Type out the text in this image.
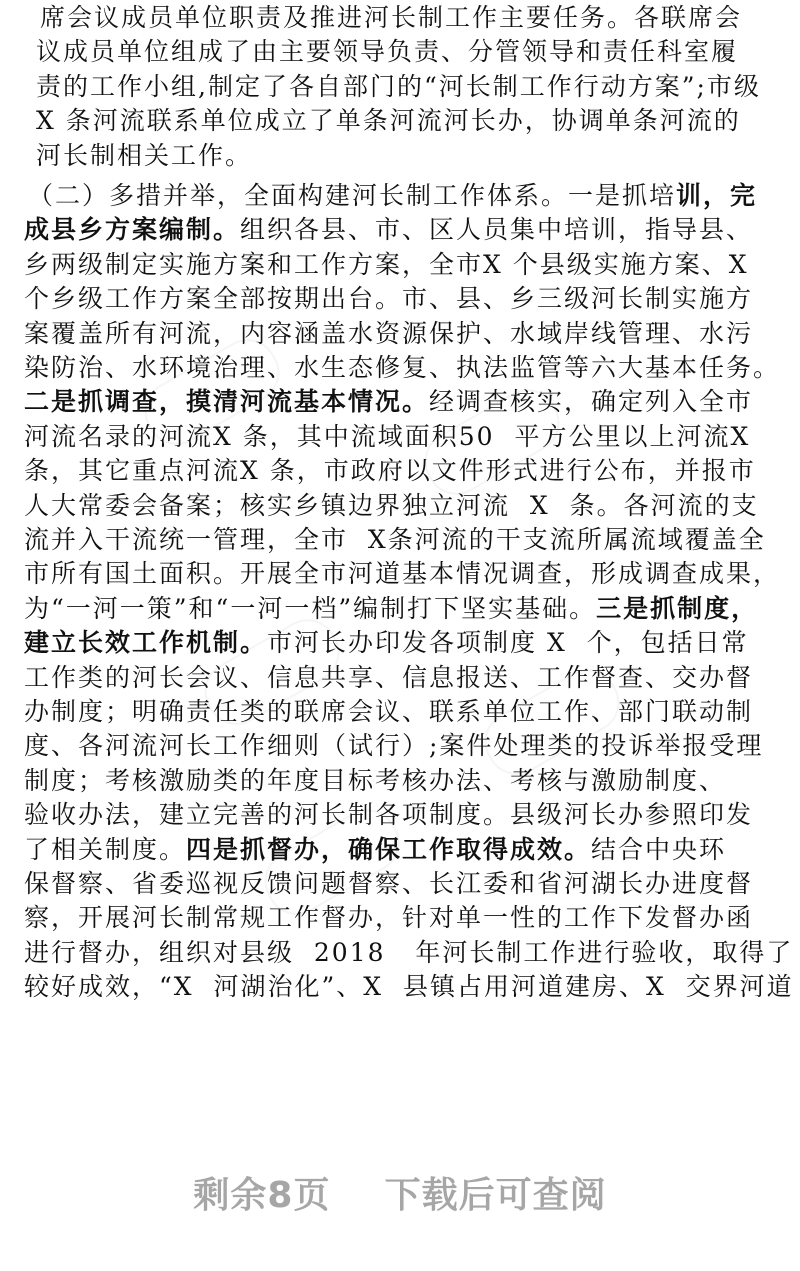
剩余8页 下载后可查阅
席会议成员单位职责及推进河长制工作主要任务。各联席会
议成员单位组成了由主要领导负责、分管领导和责任科室履
责的工作小组,制定了各自部门的“河长制工作行动方案”;市级
X 条河流联系单位成立了单条河流河长办，协调单条河流的
河长制相关工作。
（二）多措并举，全面构建河长制工作体系。一是抓培训，完
成县乡方案编制。组织各县、市、区人员集中培训，指导县、
乡两级制定实施方案和工作方案，全市X 个县级实施方案、X
个乡级工作方案全部按期出台。市、县、乡三级河长制实施方
案覆盖所有河流，内容涵盖水资源保护、水域岸线管理、水污
染防治、水环境治理、水生态修复、执法监管等六大基本任务。
二是抓调查，摸清河流基本情况。经调查核实，确定列入全市
河流名录的河流X 条，其中流域面积50  平方公里以上河流X
条，其它重点河流X 条，市政府以文件形式进行公布，并报市
人大常委会备案；核实乡镇边界独立河流  X  条。各河流的支
流并入干流统一管理，全市  X条河流的干支流所属流域覆盖全
市所有国土面积。开展全市河道基本情况调查，形成调查成果，
为“一河一策”和“一河一档”编制打下坚实基础。三是抓制度，
建立长效工作机制。市河长办印发各项制度 X  个，包括日常
工作类的河长会议、信息共享、信息报送、工作督查、交办督
办制度；明确责任类的联席会议、联系单位工作、部门联动制
度、各河流河长工作细则（试行）;案件处理类的投诉举报受理
制度；考核激励类的年度目标考核办法、考核与激励制度、
验收办法，建立完善的河长制各项制度。县级河长办参照印发
了相关制度。四是抓督办，确保工作取得成效。结合中央环
保督察、省委巡视反馈问题督察、长江委和省河湖长办进度督
察，开展河长制常规工作督办，针对单一性的工作下发督办函
进行督办，组织对县级  2018   年河长制工作进行验收，取得了
较好成效，“X  河湖治化”、X  县镇占用河道建房、X  交界河道
